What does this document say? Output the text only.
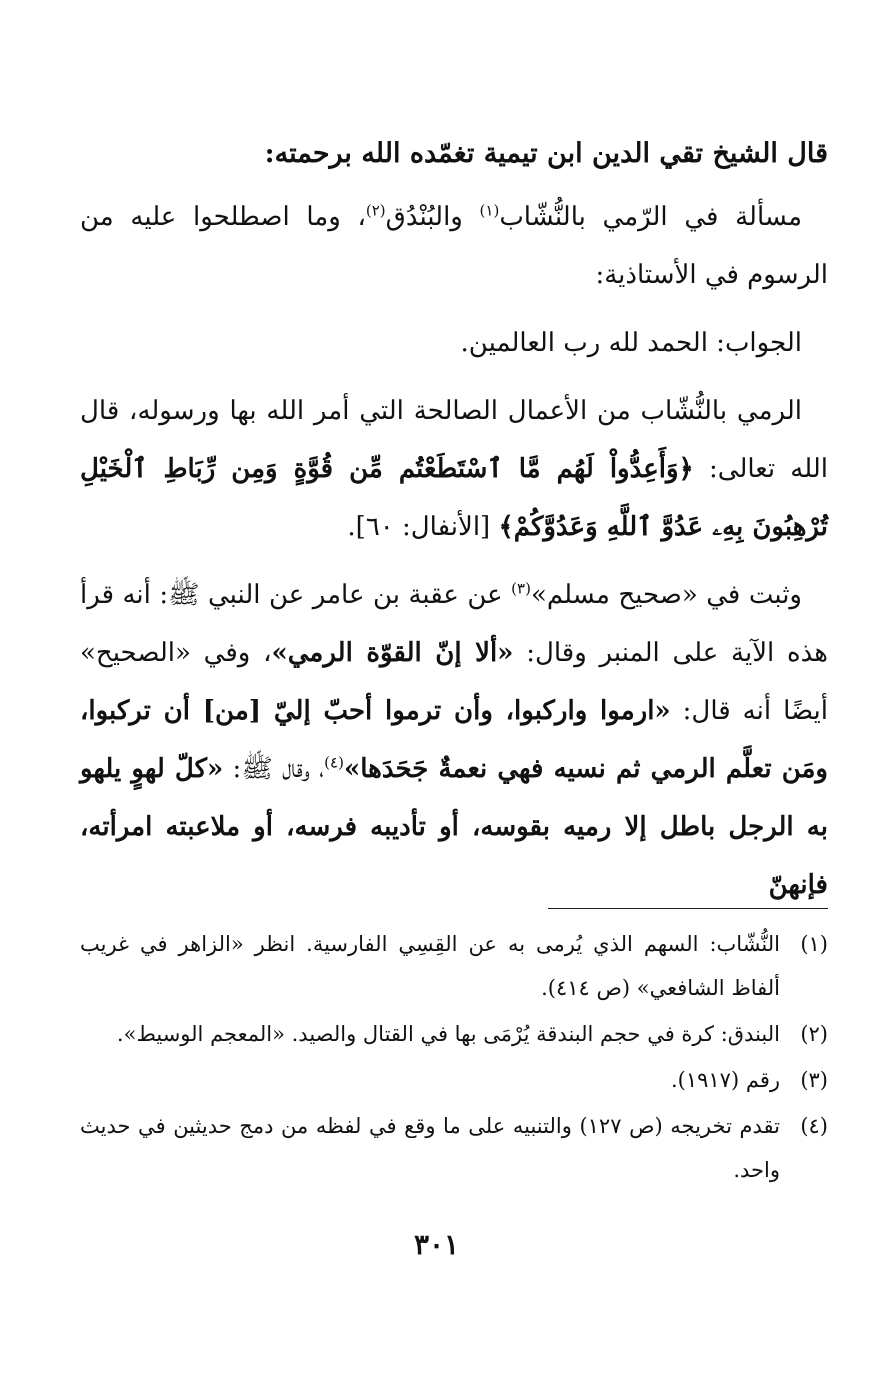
قال الشيخ تقي الدين ابن تيمية تغمّده الله برحمته:

مسألة في الرّمي بالنُّشّاب$^{(١)}$ والبُنْدُق$^{(٢)}$، وما اصطلحوا عليه من الرسوم في الأستاذية:

الجواب: الحمد لله رب العالمين.

الرمي بالنُّشّاب من الأعمال الصالحة التي أمر الله بها ورسوله، قال الله تعالى: ﴿وَأَعِدُّواْ لَهُم مَّا ٱسْتَطَعْتُم مِّن قُوَّةٍ وَمِن رِّبَاطِ ٱلْخَيْلِ تُرْهِبُونَ بِهِۦ عَدُوَّ ٱللَّهِ وَعَدُوَّكُمْ﴾ [الأنفال: ٦٠].

وثبت في «صحيح مسلم»$^{(٣)}$ عن عقبة بن عامر عن النبي ﷺ: أنه قرأ هذه الآية على المنبر وقال: «ألا إنّ القوّة الرمي»، وفي «الصحيح» أيضًا أنه قال: «ارموا واركبوا، وأن ترموا أحبّ إليّ [من] أن تركبوا، ومَن تعلَّم الرمي ثم نسيه فهي نعمةٌ جَحَدَها»$^{(٤)}$، وقال ﷺ: «كلّ لهوٍ يلهو به الرجل باطل إلا رميه بقوسه، أو تأديبه فرسه، أو ملاعبته امرأته، فإنهنّ

(١)
النُّشّاب: السهم الذي يُرمى به عن القِسِي الفارسية. انظر «الزاهر في غريب ألفاظ الشافعي» (ص ٤١٤).
(٢)
البندق: كرة في حجم البندقة يُرْمَى بها في القتال والصيد. «المعجم الوسيط».
(٣)
رقم (١٩١٧).
(٤)
تقدم تخريجه (ص ١٢٧) والتنبيه على ما وقع في لفظه من دمج حديثين في حديث واحد.
٣٠١
